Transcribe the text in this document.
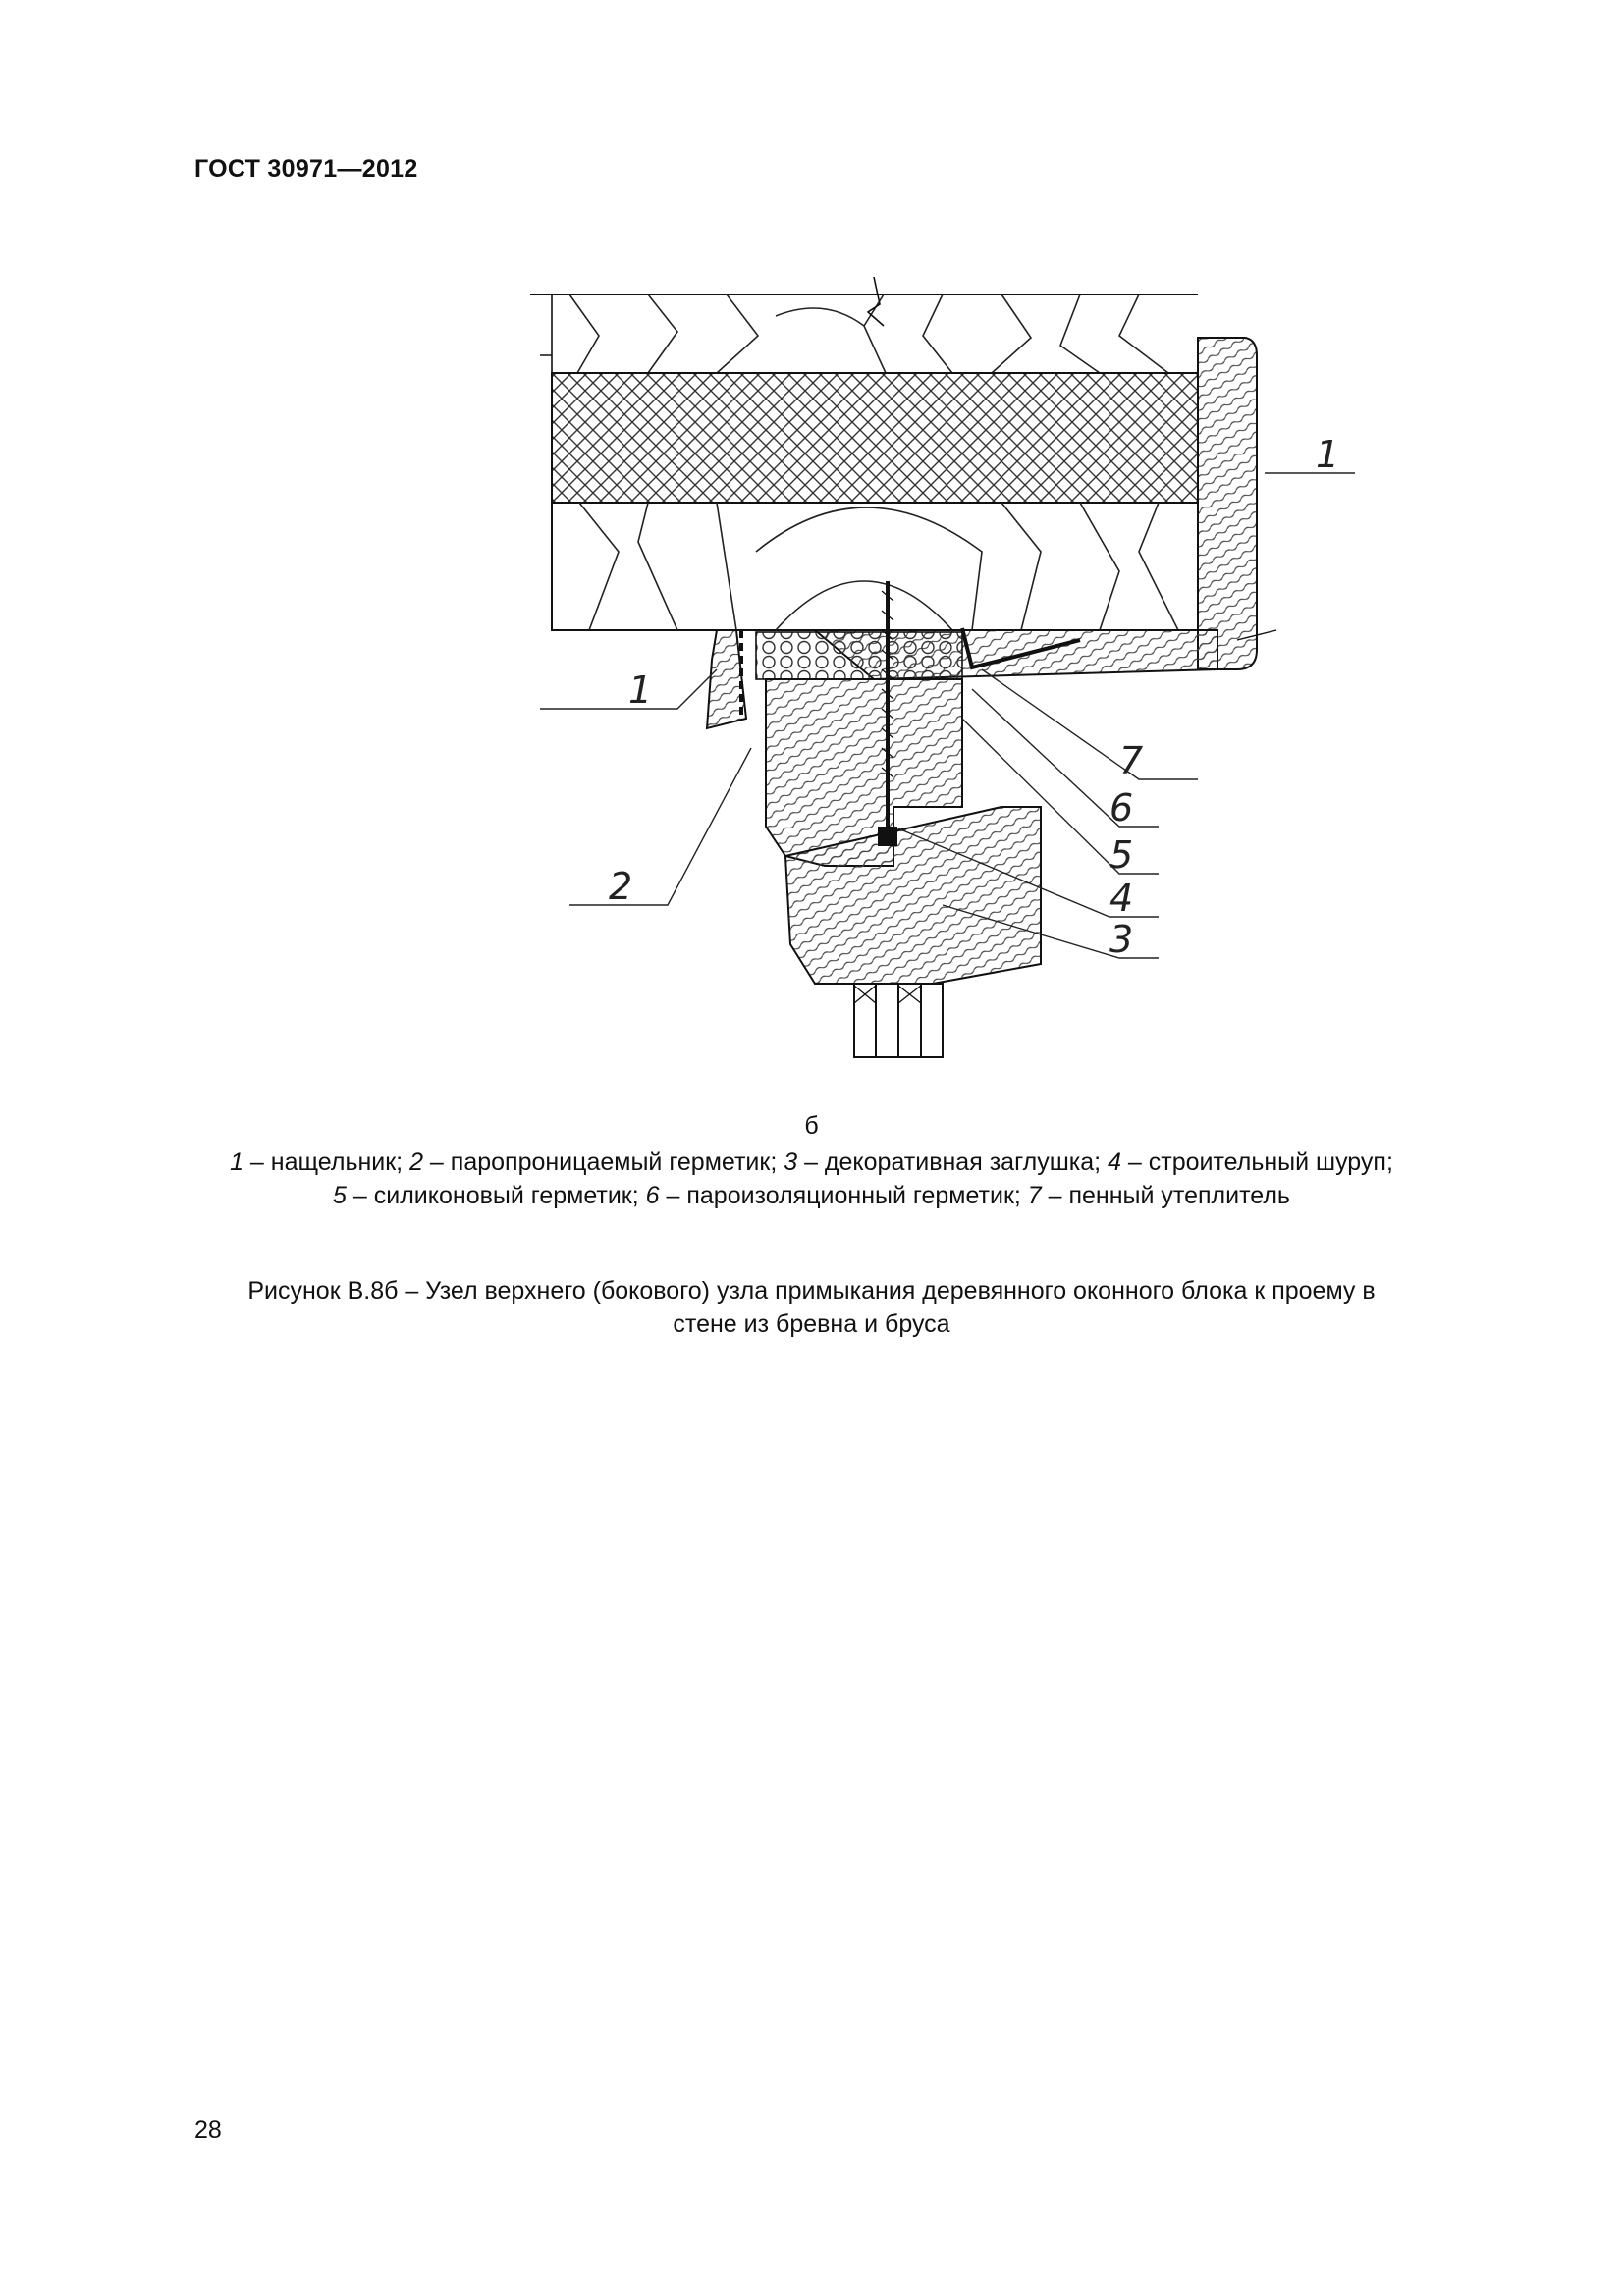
ГОСТ 30971—2012
1
1
2
7
6
5
4
3
б
1 – нащельник; 2 – паропроницаемый герметик; 3 – декоративная заглушка; 4 – строительный шуруп;
5 – силиконовый герметик; 6 – пароизоляционный герметик; 7 – пенный утеплитель
Рисунок В.8б – Узел верхнего (бокового) узла примыкания деревянного оконного блока к проему в
стене из бревна и бруса
28
